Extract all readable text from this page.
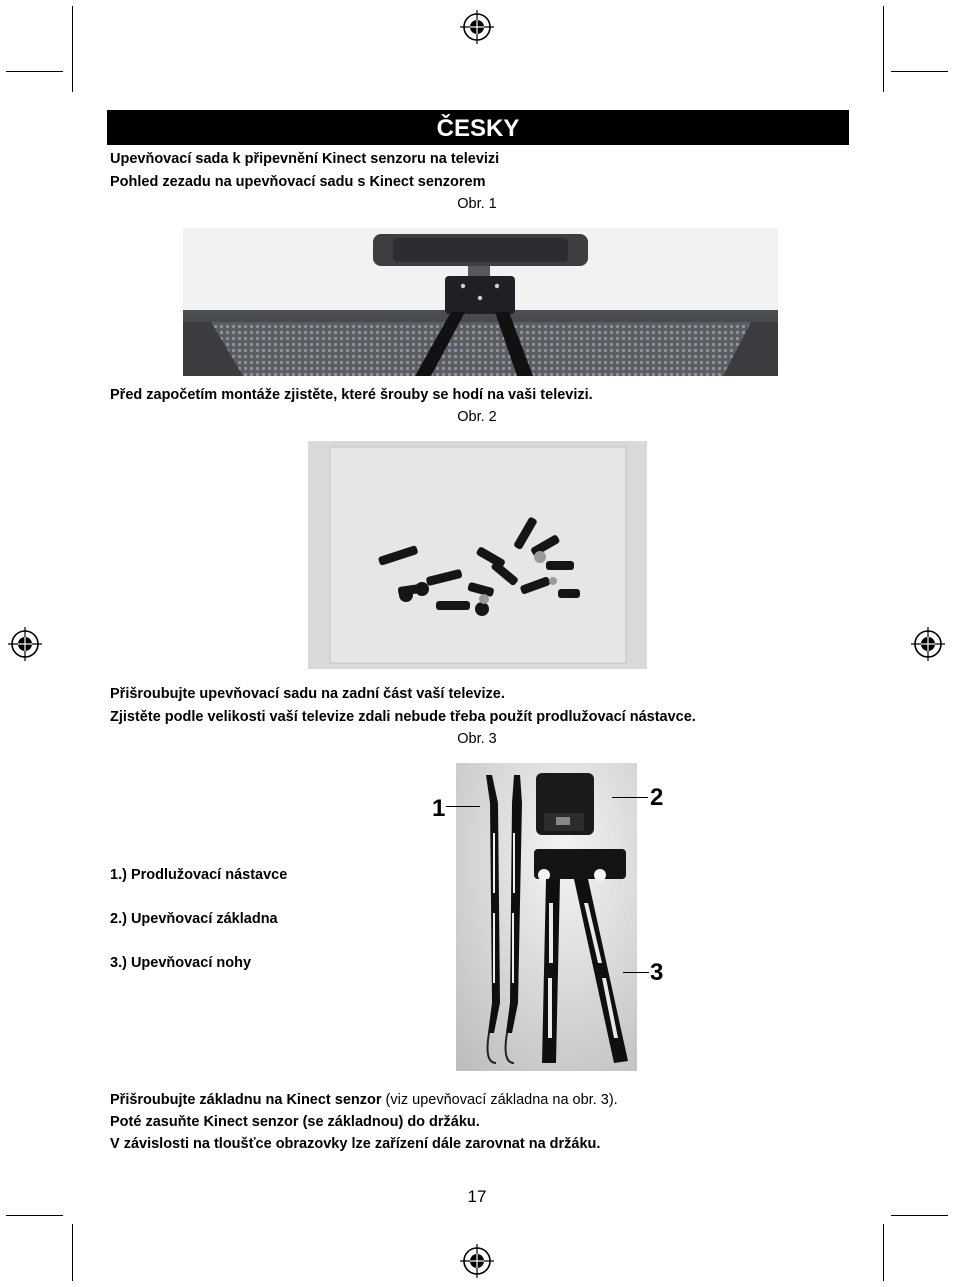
ČESKY
Upevňovací sada k připevnění Kinect senzoru na televizi
Pohled zezadu na upevňovací sadu s Kinect senzorem
Obr. 1
Před započetím montáže zjistěte, které šrouby se hodí na vaši televizi.
Obr. 2
Přišroubujte upevňovací sadu na zadní část vaší televize.
Zjistěte podle velikosti vaší televize zdali nebude třeba použít prodlužovací nástavce.
Obr. 3
1.) Prodlužovací nástavce
2.) Upevňovací základna
3.) Upevňovací nohy
1	2
3
Přišroubujte základnu na Kinect senzor (viz upevňovací základna na obr. 3).
Poté zasuňte Kinect senzor (se základnou) do držáku.
V závislosti na tloušťce obrazovky lze zařízení dále zarovnat na držáku.
17
